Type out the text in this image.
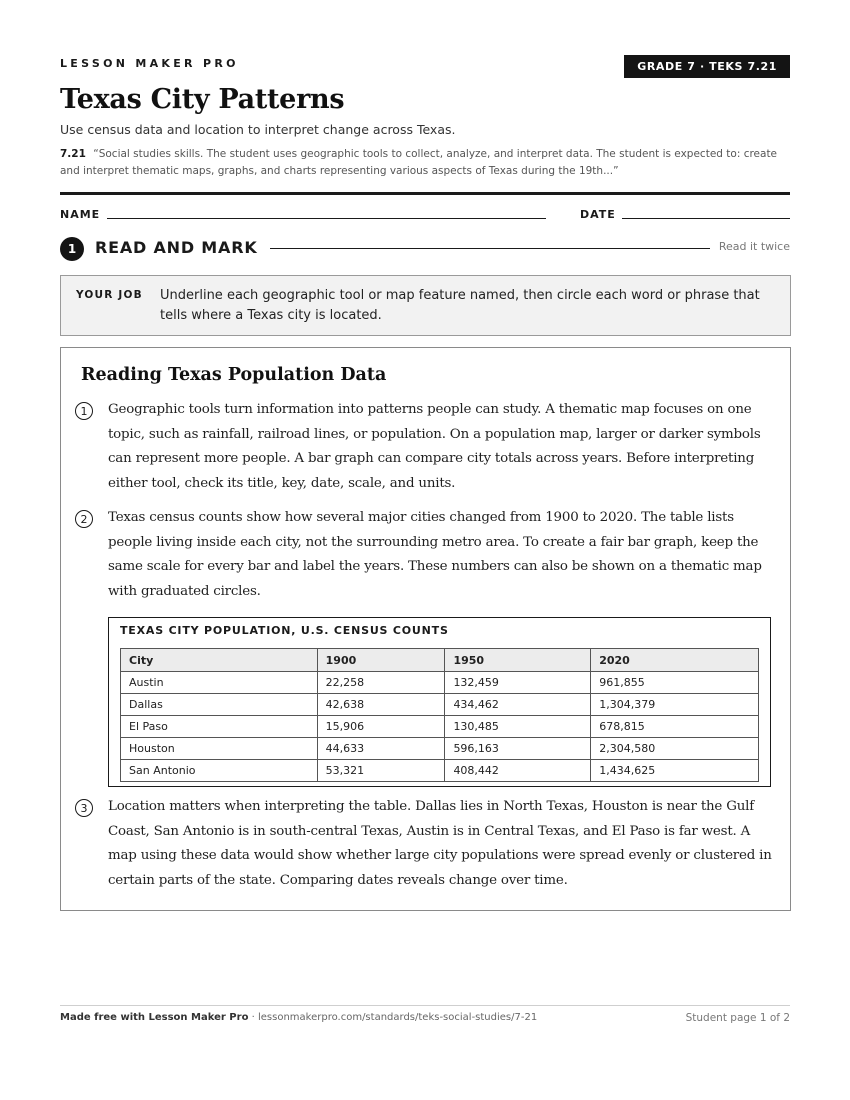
LESSON MAKER PRO	GRADE 7 · TEKS 7.21
Texas City Patterns
Use census data and location to interpret change across Texas.
7.21 “Social studies skills. The student uses geographic tools to collect, analyze, and interpret data. The student is expected to: create and interpret thematic maps, graphs, and charts representing various aspects of Texas during the 19th...”
NAME	DATE
1	READ AND MARK	Read it twice
YOUR JOB Underline each geographic tool or map feature named, then circle each word or phrase that tells where a Texas city is located.
Reading Texas Population Data
1	Geographic tools turn information into patterns people can study. A thematic map focuses on one topic, such as rainfall, railroad lines, or population. On a population map, larger or darker symbols can represent more people. A bar graph can compare city totals across years. Before interpreting either tool, check its title, key, date, scale, and units.
2	Texas census counts show how several major cities changed from 1900 to 2020. The table lists people living inside each city, not the surrounding metro area. To create a fair bar graph, keep the same scale for every bar and label the years. These numbers can also be shown on a thematic map with graduated circles.
TEXAS CITY POPULATION, U.S. CENSUS COUNTS
City	1900	1950	2020
Austin	22,258	132,459	961,855
Dallas	42,638	434,462	1,304,379
El Paso	15,906	130,485	678,815
Houston	44,633	596,163	2,304,580
San Antonio	53,321	408,442	1,434,625
3	Location matters when interpreting the table. Dallas lies in North Texas, Houston is near the Gulf Coast, San Antonio is in south-central Texas, Austin is in Central Texas, and El Paso is far west. A map using these data would show whether large city populations were spread evenly or clustered in certain parts of the state. Comparing dates reveals change over time.
Made free with Lesson Maker Pro · lessonmakerpro.com/standards/teks-social-studies/7-21	Student page 1 of 2
